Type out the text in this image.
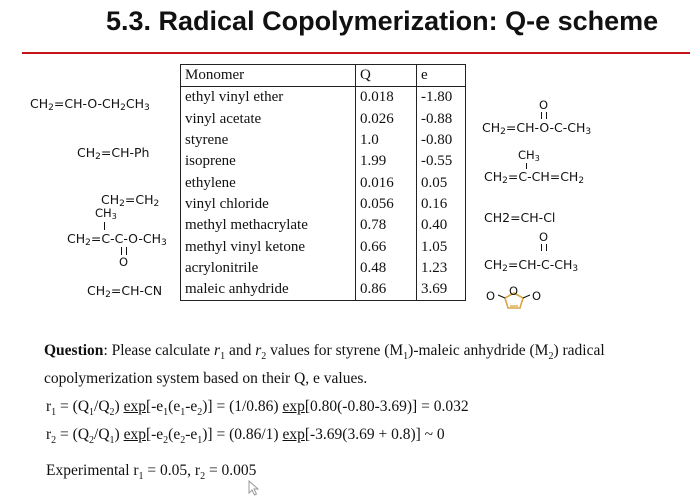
5.3. Radical Copolymerization: Q-e scheme
$CH_2=CH-O-CH_2CH_3$
$CH_2=CH-Ph$
$CH_2=CH_2$
$CH_3$
$CH_2=C-C-O-CH_3$
O
$CH_2=CH-CN$
Monomer	Q	e
ethyl vinyl ether	0.018	-1.80
vinyl acetate	0.026	-0.88
styrene	1.0	-0.80
isoprene	1.99	-0.55
ethylene	0.016	0.05
vinyl chloride	0.056	0.16
methyl methacrylate	0.78	0.40
methyl vinyl ketone	0.66	1.05
acrylonitrile	0.48	1.23
maleic anhydride	0.86	3.69
O
$CH_2=CH-O-C-CH_3$
$CH_3$
$CH_2=C-CH=CH_2$
CH2=CH-Cl
O
$CH_2=CH-C-CH_3$
O O O
Question: Please calculate $r_1$ and $r_2$ values for styrene $(M_1)$-maleic anhydride $(M_2)$ radical copolymerization system based on their Q, e values.
$r_1 = (Q_1/Q_2) \exp[-e_1(e_1-e_2)] = (1/0.86) \exp[0.80(-0.80-3.69)] = 0.032$
$r_2 = (Q_2/Q_1) \exp[-e_2(e_2-e_1)] = (0.86/1) \exp[-3.69(3.69 + 0.8)]$ ~ 0
Experimental $r_1 = 0.05$, $r_2 = 0.005$
